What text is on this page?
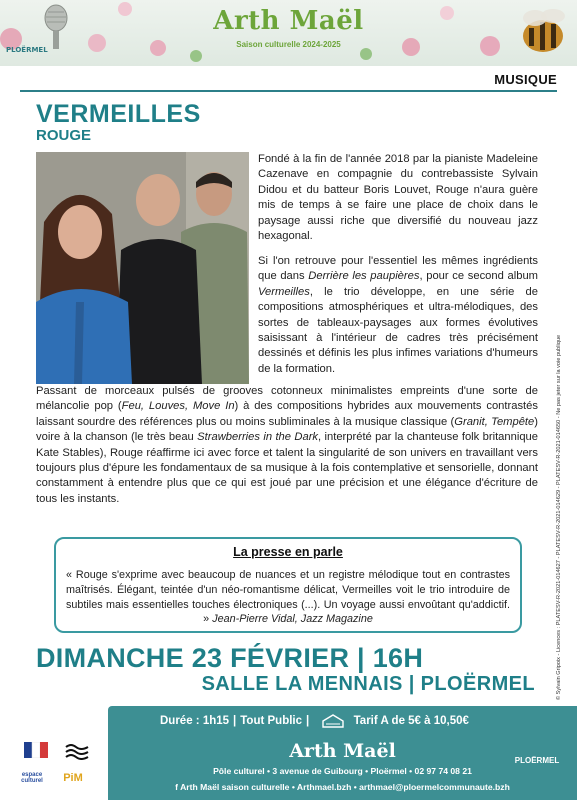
PLOËRMEL
Arth Maël
Saison culturelle 2024-2025
MUSIQUE
VERMEILLES
ROUGE

Fondé à la fin de l'année 2018 par la pianiste Madeleine Cazenave en compagnie du contrebassiste Sylvain Didou et du batteur Boris Louvet, Rouge n'aura guère mis de temps à se faire une place de choix dans le paysage aussi riche que diversifié du nouveau jazz hexagonal.

Si l'on retrouve pour l'essentiel les mêmes ingrédients que dans Derrière les paupières, pour ce second album Vermeilles, le trio développe, en une série de compositions atmosphériques et ultra-mélodiques, des sortes de tableaux-paysages aux formes évolutives saisissant à l'intérieur de cadres très précisément dessinés et définis les plus infimes variations d'humeurs de la formation.

Passant de morceaux pulsés de grooves cotonneux minimalistes empreints d'une sorte de mélancolie pop (Feu, Louves, Move In) à des compositions hybrides aux mouvements contrastés laissant sourdre des références plus ou moins subliminales à la musique classique (Granit, Tempête) voire à la chanson (le très beau Strawberries in the Dark, interprété par la chanteuse folk britannique Kate Stables), Rouge réaffirme ici avec force et talent la singularité de son univers en travaillant vers toujours plus d'épure les fondamentaux de sa musique à la fois contemplative et sensorielle, donnant constamment à entendre plus que ce qui est joué par une précision et une élégance d'écriture de tous les instants.

La presse en parle

« Rouge s'exprime avec beaucoup de nuances et un registre mélodique tout en contrastes maîtrisés. Élégant, teintée d'un néo-romantisme délicat, Vermeilles voit le trio introduire de subtiles mais essentielles touches électroniques (...). Un voyage aussi envoûtant qu'addictif. » Jean-Pierre Vidal, Jazz Magazine

DIMANCHE 23 FÉVRIER | 16H
SALLE LA MENNAIS | PLOËRMEL
Durée : 1h15 | Tout Public |	Tarif A de 5€ à 10,50€
Arth Maël
Pôle culturel • 3 avenue de Guibourg • Ploërmel • 02 97 74 08 21
f Arth Maël saison culturelle • Arthmael.bzh • arthmael@ploermelcommunaute.bzh
PLOËRMEL
espace culturel	PiM
© Sylvain Gripoix - Licences : PLATESV-R-2021-014627 - PLATESV-R-2021-014629 - PLATESV-R-2021-014650 - Ne pas jeter sur la voie publique
